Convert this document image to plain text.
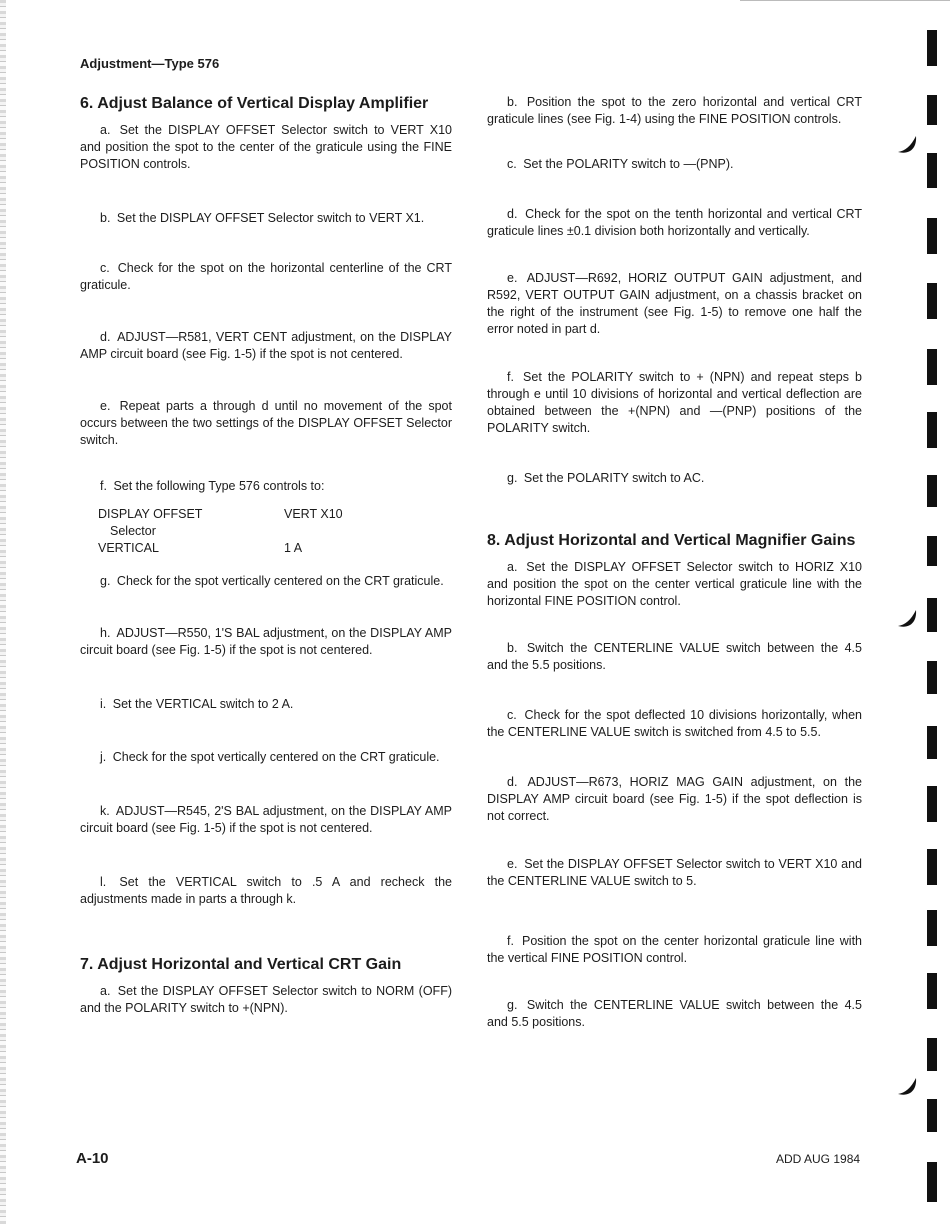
Adjustment—Type 576
6. Adjust Balance of Vertical Display Amplifier

a. Set the DISPLAY OFFSET Selector switch to VERT X10 and position the spot to the center of the graticule using the FINE POSITION controls.

b. Set the DISPLAY OFFSET Selector switch to VERT X1.

c. Check for the spot on the horizontal centerline of the CRT graticule.

d. ADJUST—R581, VERT CENT adjustment, on the DISPLAY AMP circuit board (see Fig. 1-5) if the spot is not centered.

e. Repeat parts a through d until no movement of the spot occurs between the two settings of the DISPLAY OFFSET Selector switch.

f. Set the following Type 576 controls to:

DISPLAY OFFSET
Selector	VERT X10
VERTICAL	1 A

g. Check for the spot vertically centered on the CRT graticule.

h. ADJUST—R550, 1'S BAL adjustment, on the DISPLAY AMP circuit board (see Fig. 1-5) if the spot is not centered.

i. Set the VERTICAL switch to 2 A.

j. Check for the spot vertically centered on the CRT graticule.

k. ADJUST—R545, 2'S BAL adjustment, on the DISPLAY AMP circuit board (see Fig. 1-5) if the spot is not centered.

l. Set the VERTICAL switch to .5 A and recheck the adjustments made in parts a through k.

7. Adjust Horizontal and Vertical CRT Gain

a. Set the DISPLAY OFFSET Selector switch to NORM (OFF) and the POLARITY switch to +(NPN).

b. Position the spot to the zero horizontal and vertical CRT graticule lines (see Fig. 1-4) using the FINE POSITION controls.

c. Set the POLARITY switch to —(PNP).

d. Check for the spot on the tenth horizontal and vertical CRT graticule lines ±0.1 division both horizontally and vertically.

e. ADJUST—R692, HORIZ OUTPUT GAIN adjustment, and R592, VERT OUTPUT GAIN adjustment, on a chassis bracket on the right of the instrument (see Fig. 1-5) to remove one half the error noted in part d.

f. Set the POLARITY switch to + (NPN) and repeat steps b through e until 10 divisions of horizontal and vertical deflection are obtained between the +(NPN) and —(PNP) positions of the POLARITY switch.

g. Set the POLARITY switch to AC.

8. Adjust Horizontal and Vertical Magnifier Gains

a. Set the DISPLAY OFFSET Selector switch to HORIZ X10 and position the spot on the center vertical graticule line with the horizontal FINE POSITION control.

b. Switch the CENTERLINE VALUE switch between the 4.5 and the 5.5 positions.

c. Check for the spot deflected 10 divisions horizontally, when the CENTERLINE VALUE switch is switched from 4.5 to 5.5.

d. ADJUST—R673, HORIZ MAG GAIN adjustment, on the DISPLAY AMP circuit board (see Fig. 1-5) if the spot deflection is not correct.

e. Set the DISPLAY OFFSET Selector switch to VERT X10 and the CENTERLINE VALUE switch to 5.

f. Position the spot on the center horizontal graticule line with the vertical FINE POSITION control.

g. Switch the CENTERLINE VALUE switch between the 4.5 and 5.5 positions.

A-10	ADD AUG 1984
